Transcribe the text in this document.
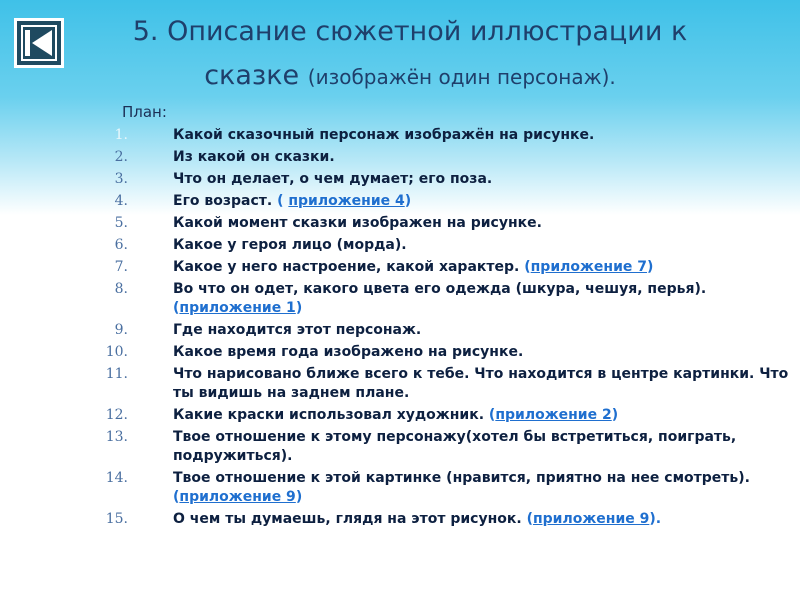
5. Описание сюжетной иллюстрации к сказке (изображён один персонаж).
План:
1.	Какой сказочный персонаж изображён на рисунке.
2.	Из какой он сказки.
3.	Что он делает, о чем думает; его поза.
4.	Его возраст. ( приложение 4)
5.	Какой момент сказки изображен на рисунке.
6.	Какое у героя лицо (морда).
7.	Какое у него настроение, какой характер. (приложение 7)
8.	Во что он одет, какого цвета его одежда (шкура, чешуя, перья). (приложение 1)
9.	Где находится этот персонаж.
10.	Какое время года изображено на рисунке.
11.	Что нарисовано ближе всего к тебе. Что находится в центре картинки. Что ты видишь на заднем плане.
12.	Какие краски использовал художник. (приложение 2)
13.	Твое отношение к этому персонажу(хотел бы встретиться, поиграть, подружиться).
14.	Твое отношение к этой картинке (нравится, приятно на нее смотреть). (приложение 9)
15.	О чем ты думаешь, глядя на этот рисунок. (приложение 9).
